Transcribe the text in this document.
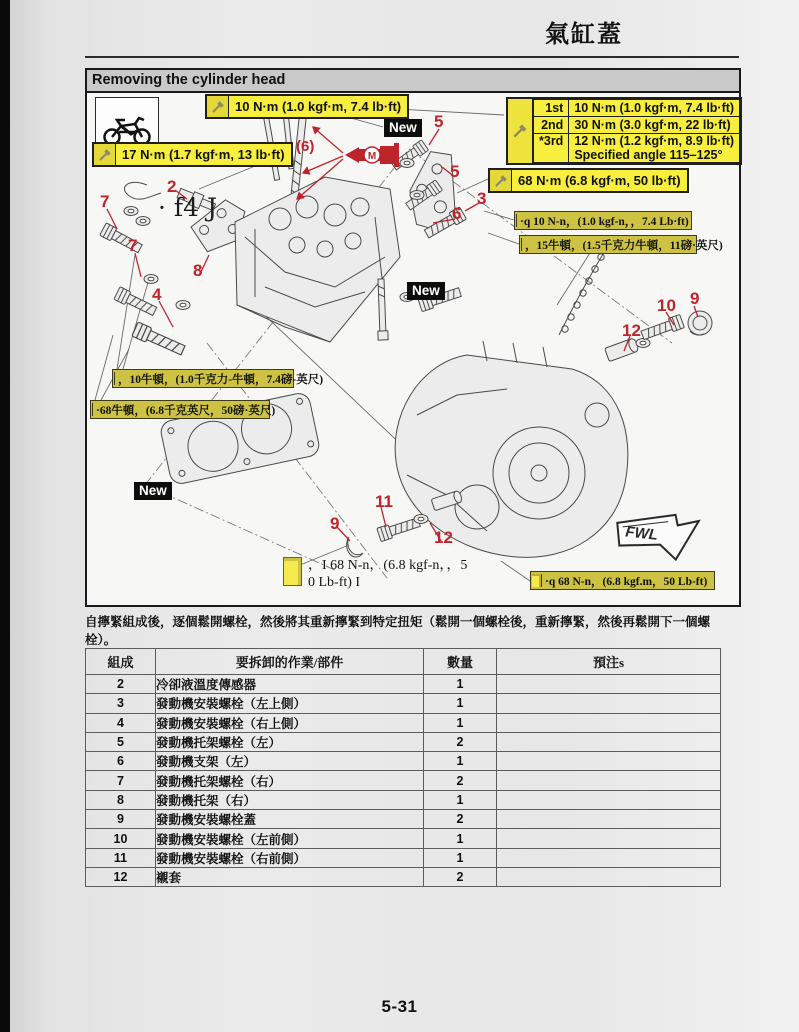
氣缸蓋
Removing the cylinder head
M
FWL
10 N·m (1.0 kgf·m, 7.4 lb·ft)
17 N·m (1.7 kgf·m, 13 lb·ft)
68 N·m (6.8 kgf·m, 50 lb·ft)
1st	10 N·m (1.0 kgf·m, 7.4 lb·ft)
2nd	30 N·m (3.0 kgf·m, 22 lb·ft)
*3rd	12 N·m (1.2 kgf·m, 8.9 lb·ft)
Specified angle 115–125°
·q 10 N-n，(1.0 kgf-n，，7.4 Lb·ft)
，15牛頓，(1.5千克力牛頓，11磅·英尺)
，10牛頓，(1.0千克力-牛頓，7.4磅-英尺)
·68牛頓，(6.8千克英尺，50磅·英尺)
·q 68 N-n，(6.8 kgf.m，50 Lb-ft)
，I 68 N-n，(6.8 kgf-n，，5
0 Lb-ft) I
New
New
New
(6)
· f4 J
2
7
7
8
4
5
5
3
6
9
10
12
9
11
12
自擰緊組成後，逐個鬆開螺栓，然後將其重新擰緊到特定扭矩（鬆開一個螺栓後，重新擰緊，然後再鬆開下一個螺栓）。
組成	要拆卸的作業/部件	數量	預注s
2	冷卻液溫度傳感器	1	
3	發動機安裝螺栓（左上側）	1	
4	發動機安裝螺栓（右上側）	1	
5	發動機托架螺栓（左）	2	
6	發動機支架（左）	1	
7	發動機托架螺栓（右）	2	
8	發動機托架（右）	1	
9	發動機安裝螺栓蓋	2	
10	發動機安裝螺栓（左前側）	1	
11	發動機安裝螺栓（右前側）	1	
12	襯套	2	
5-31
